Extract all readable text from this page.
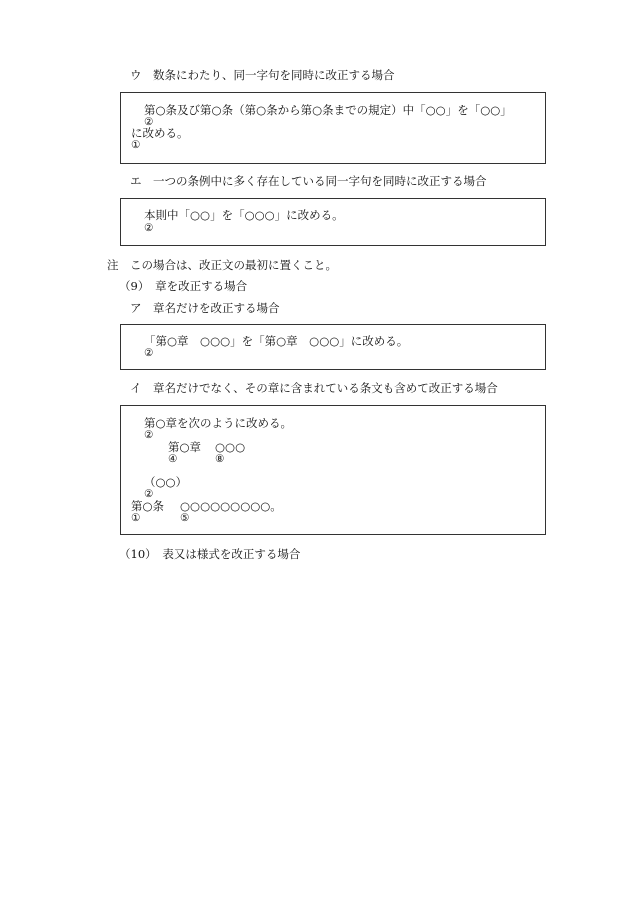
ウ　数条にわたり、同一字句を同時に改正する場合
第○条及び第○条（第○条から第○条までの規定）中「○○」を「○○」
②
に改める。
①
エ　一つの条例中に多く存在している同一字句を同時に改正する場合
本則中「○○」を「○○○」に改める。
②
注　この場合は、改正文の最初に置くこと。
（9）　章を改正する場合
ア　章名だけを改正する場合
「第○章　○○○」を「第○章　○○○」に改める。
②
イ　章名だけでなく、その章に含まれている条文も含めて改正する場合
第○章を次のように改める。
②
第○章 ○○○
④	⑧
（○○）
②
第○条 ○○○○○○○○○。
①	⑤
（10）　表又は様式を改正する場合
